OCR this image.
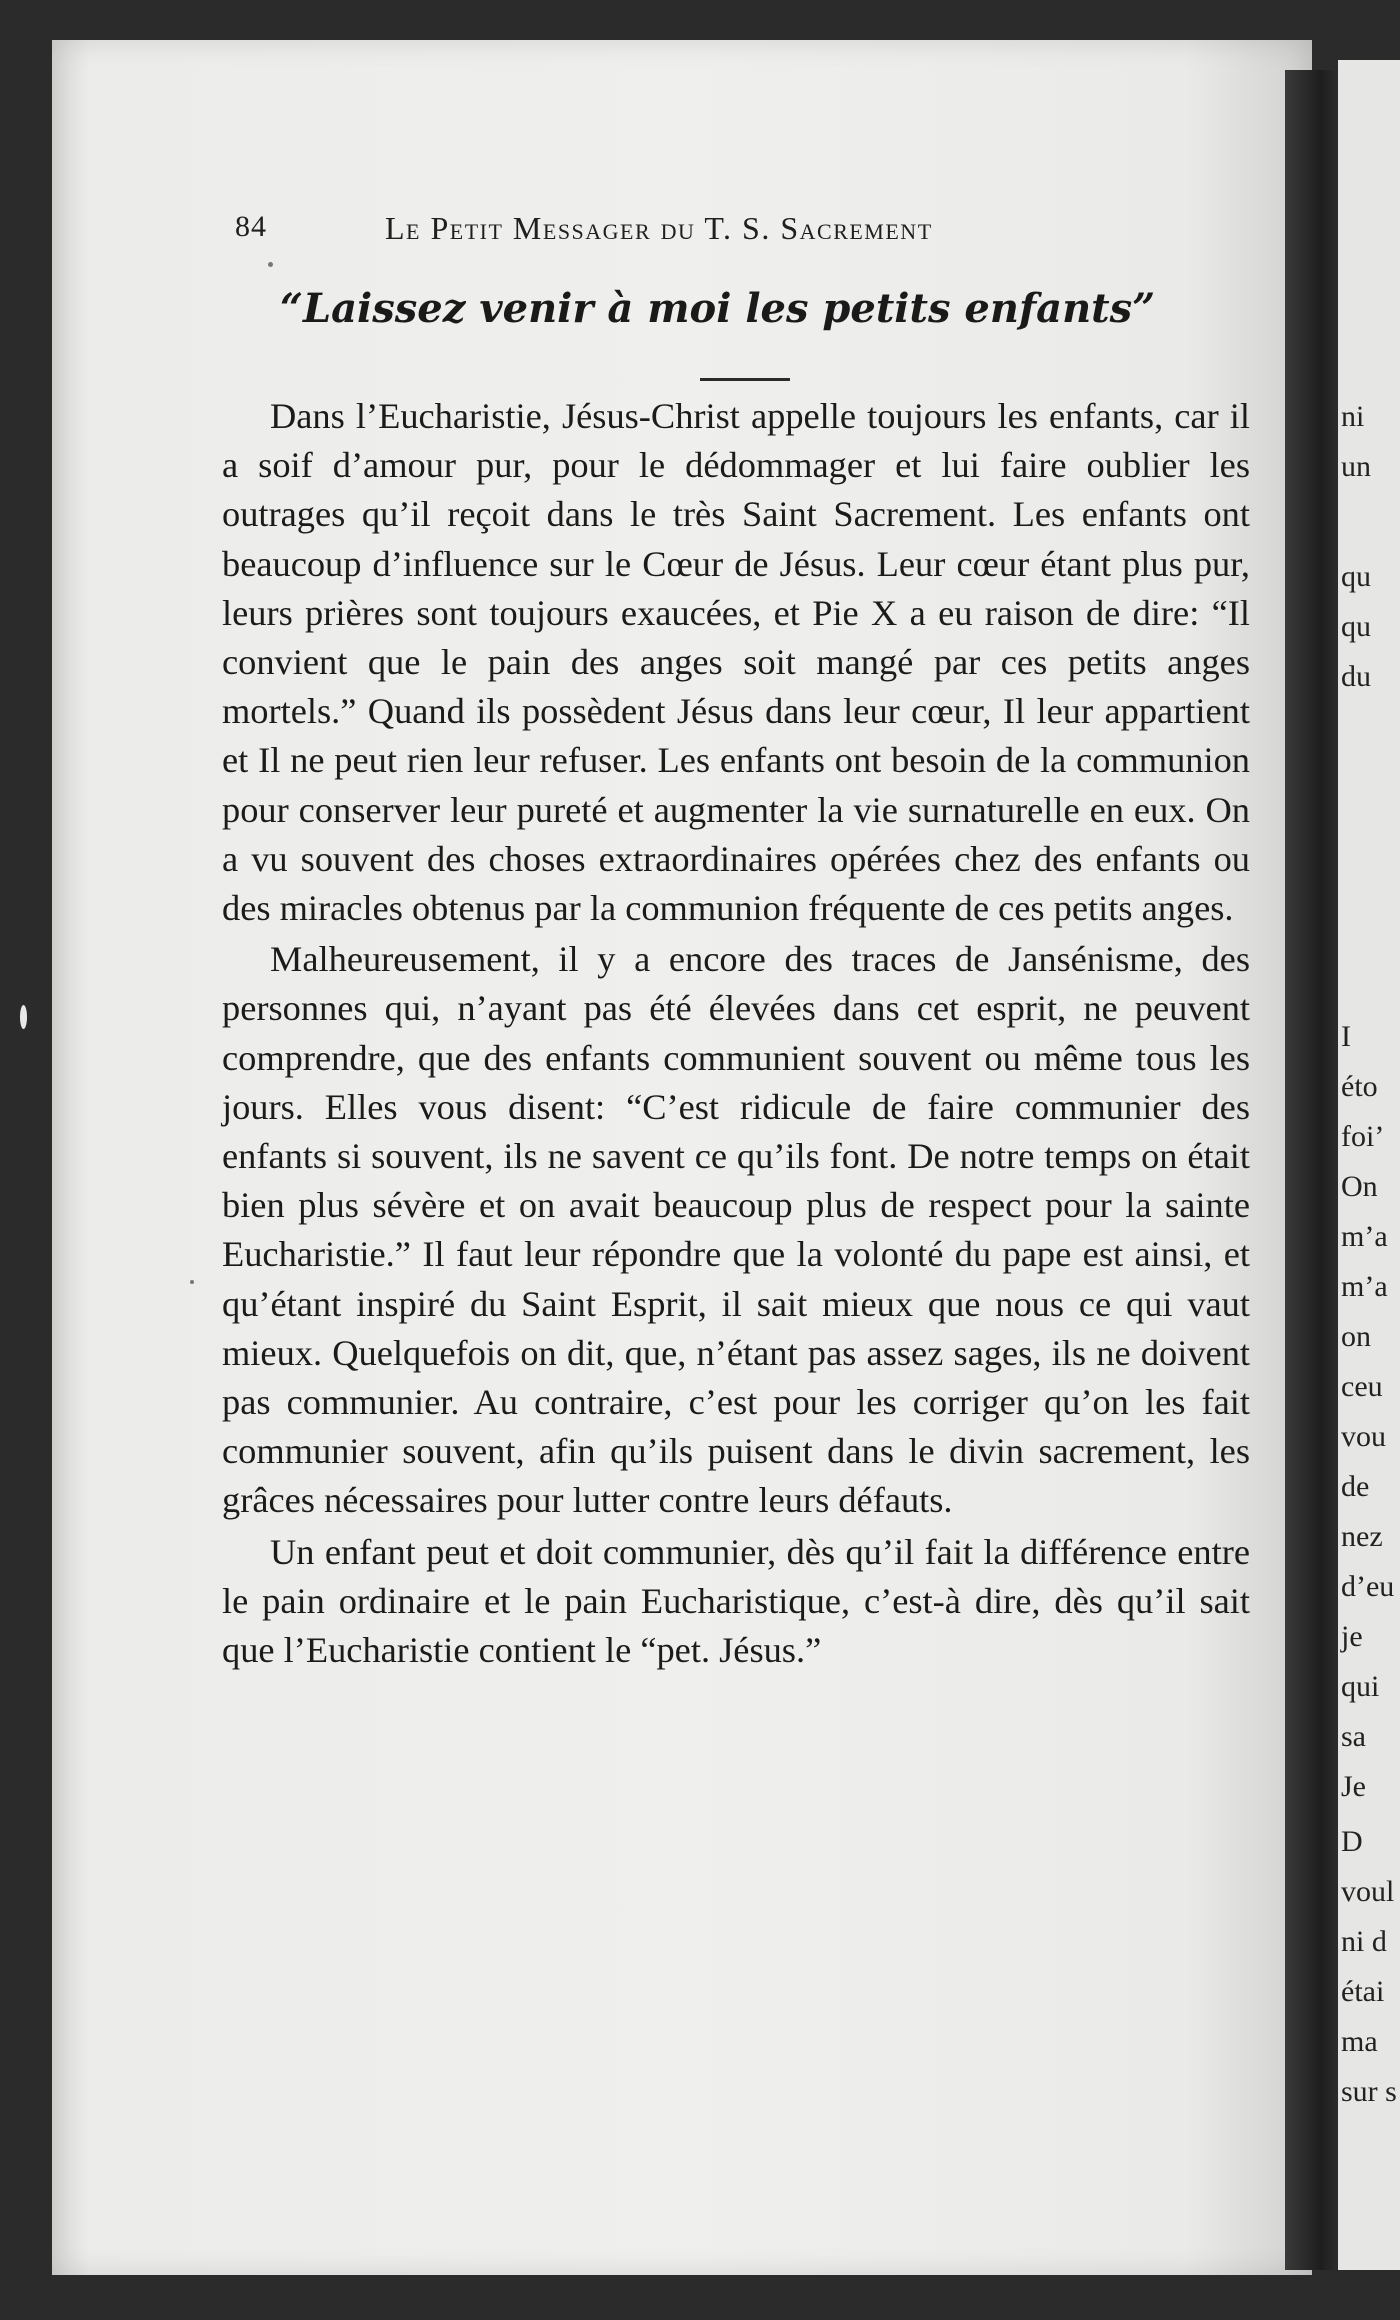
ni
un
qu
qu
du
I
éto
foi’
On
m’a
m’a
on
ceu
vou
de
nez
d’eu
je
qui
sa
Je
D
voul
ni d
étai
ma
sur s
84	Le Petit Messager du T. S. Sacrement
“Laissez venir à moi les petits enfants”

Dans l’Eucharistie, Jésus-Christ appelle toujours les enfants, car il a soif d’amour pur, pour le dédommager et lui faire oublier les outrages qu’il reçoit dans le très Saint Sacrement. Les enfants ont beaucoup d’influence sur le Cœur de Jésus. Leur cœur étant plus pur, leurs prières sont toujours exaucées, et Pie X a eu raison de dire: “Il convient que le pain des anges soit mangé par ces petits anges mortels.” Quand ils possèdent Jésus dans leur cœur, Il leur appartient et Il ne peut rien leur refuser. Les enfants ont besoin de la communion pour conserver leur pureté et augmenter la vie surnaturelle en eux. On a vu souvent des choses extraordinaires opérées chez des enfants ou des miracles obtenus par la communion fréquente de ces petits anges.

Malheureusement, il y a encore des traces de Jansénisme, des personnes qui, n’ayant pas été élevées dans cet esprit, ne peuvent comprendre, que des enfants communient souvent ou même tous les jours. Elles vous disent: “C’est ridicule de faire communier des enfants si souvent, ils ne savent ce qu’ils font. De notre temps on était bien plus sévère et on avait beaucoup plus de respect pour la sainte Eucharistie.” Il faut leur répondre que la volonté du pape est ainsi, et qu’étant inspiré du Saint Esprit, il sait mieux que nous ce qui vaut mieux. Quelquefois on dit, que, n’étant pas assez sages, ils ne doivent pas communier. Au contraire, c’est pour les corriger qu’on les fait communier souvent, afin qu’ils puisent dans le divin sacrement, les grâces nécessaires pour lutter contre leurs défauts.

Un enfant peut et doit communier, dès qu’il fait la différence entre le pain ordinaire et le pain Eucharistique, c’est-à dire, dès qu’il sait que l’Eucharistie contient le “pet. Jésus.”
